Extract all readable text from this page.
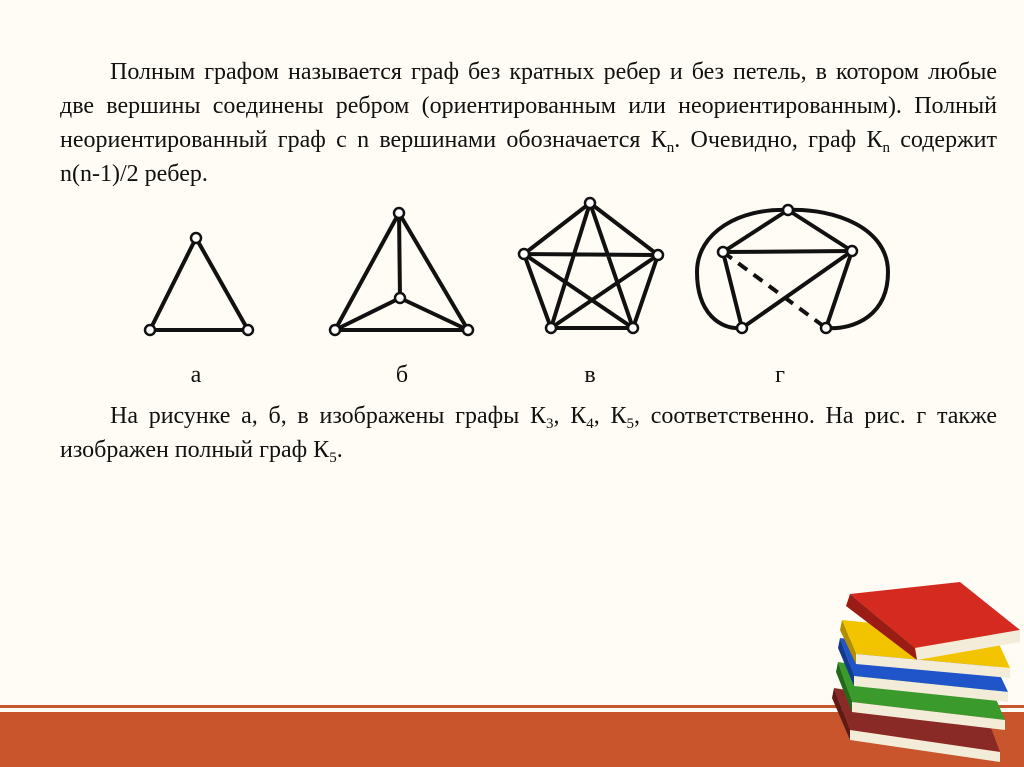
Полным графом называется граф без кратных ребер и без петель, в котором любые две вершины соединены ребром (ориентированным или неориентированным). Полный неориентированный граф с n вершинами обозначается $К_n$. Очевидно, граф $К_n$ содержит n(n-1)/2 ребер.

а	б	в	г

На рисунке а, б, в изображены графы $К_3$, $К_4$, $К_5$, соответственно. На рис. г также изображен полный граф $К_5$.
